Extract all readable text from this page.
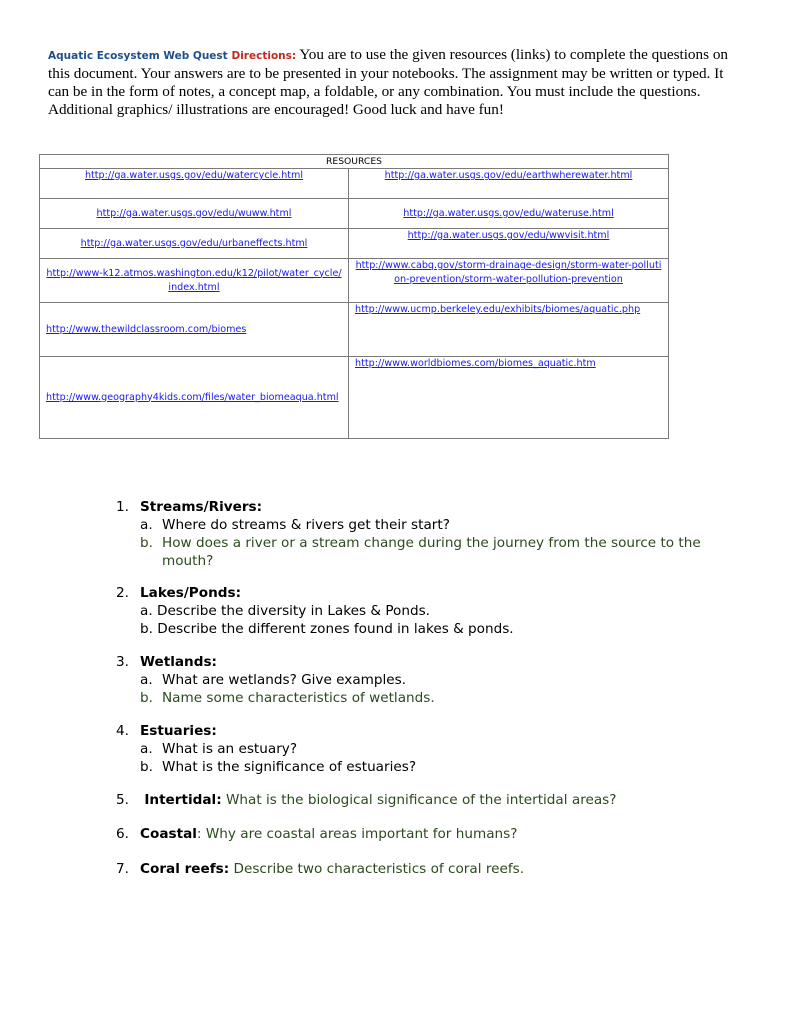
Aquatic Ecosystem Web Quest Directions: You are to use the given resources (links) to complete the questions on this document. Your answers are to be presented in your notebooks. The assignment may be written or typed. It can be in the form of notes, a concept map, a foldable, or any combination. You must include the questions. Additional graphics/ illustrations are encouraged! Good luck and have fun!
RESOURCES	
http://ga.water.usgs.gov/edu/watercycle.html	http://ga.water.usgs.gov/edu/earthwherewater.html
http://ga.water.usgs.gov/edu/wuww.html	http://ga.water.usgs.gov/edu/wateruse.html
http://ga.water.usgs.gov/edu/urbaneffects.html	http://ga.water.usgs.gov/edu/wwvisit.html
http://www-k12.atmos.washington.edu/k12/pilot/water_cycle/index.html	http://www.cabq.gov/storm-drainage-design/storm-water-pollution-prevention/storm-water-pollution-prevention
http://www.thewildclassroom.com/biomes	http://www.ucmp.berkeley.edu/exhibits/biomes/aquatic.php
http://www.geography4kids.com/files/water_biomeaqua.html	http://www.worldbiomes.com/biomes_aquatic.htm
1. Streams/Rivers:
a. Where do streams & rivers get their start?
b. How does a river or a stream change during the journey from the source to the
mouth?
2. Lakes/Ponds:
a. Describe the diversity in Lakes & Ponds.
b. Describe the different zones found in lakes & ponds.
3. Wetlands:
a. What are wetlands? Give examples.
b. Name some characteristics of wetlands.
4. Estuaries:
a. What is an estuary?
b. What is the significance of estuaries?
5. Intertidal: What is the biological significance of the intertidal areas?
6. Coastal: Why are coastal areas important for humans?
7. Coral reefs: Describe two characteristics of coral reefs.
